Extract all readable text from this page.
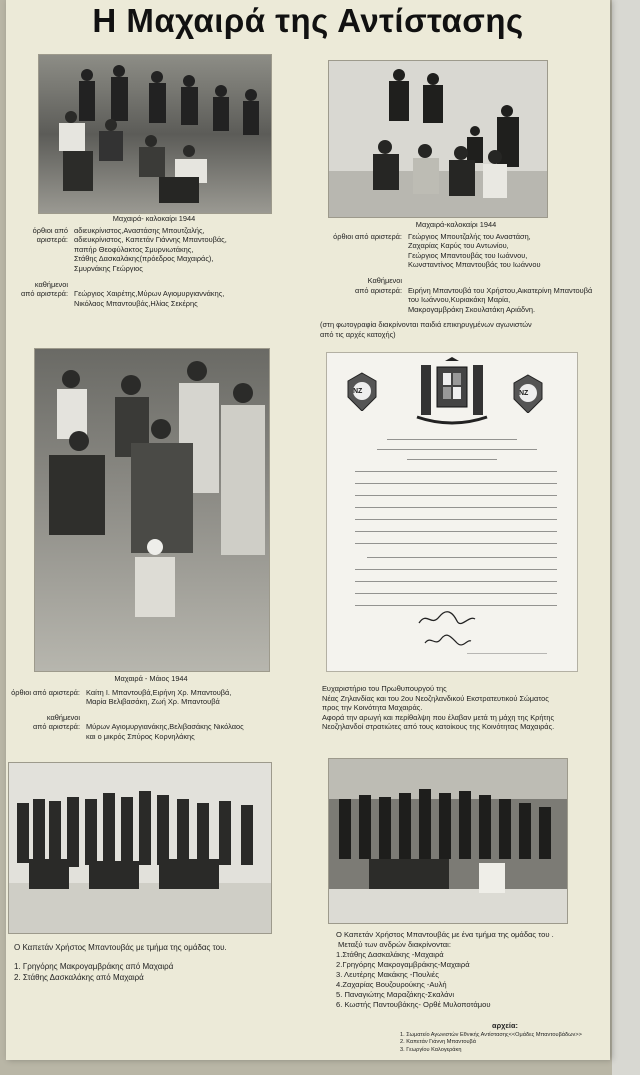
Η Μαχαιρά της Αντίστασης
Μαχαιρά- καλοκαίρι 1944
όρθιοι από αριστερά:
αδιευκρίνιστος,Αναστάσης Μπουτζαλής,
αδιευκρίνιστος, Καπετάν Γιάννης Μπαντουβάς,
παπήρ Θεοφύλακτος Σμυρνιωτάκης,
Στάθης Δασκαλάκης(πρόεδρος Μαχαιράς),
Σμυρνάκης Γεώργιος
καθήμενοι
από αριστερά: Γεώργιος Χαιρέτης,Μύρων Αγιομυργιαννάκης,
Νικόλαος Μπαντουβάς,Ηλίας Σεκέρης
Μαχαιρά-καλοκαίρι 1944
όρθιοι από αριστερά: Γεώργιος Μπουτζαλής του Αναστάση,
Ζαχαρίας Καρύς του Αντωνίου,
Γεώργιος Μπαντουβάς του Ιωάννου,
Κωνσταντίνος Μπαντουβάς του Ιωάννου
Καθήμενοι
από αριστερά: Ειρήνη Μπαντουβά του Χρήστου,Αικατερίνη Μπαντουβά
του Ιωάννου,Κυριακάκη Μαρία,
Μακρογαμβράκη Σκουλατάκη Αριάδνη.
(στη φωτογραφία διακρίνονται παιδιά επικηρυγμένων αγωνιστών
από τις αρχές κατοχής)
Μαχαιρά - Μάιος 1944
όρθιοι από αριστερά: Καίτη Ι. Μπαντουβά,Ειρήνη Χρ. Μπαντουβά,
Μαρία Βελιβασάκη, Ζωή Χρ. Μπαντουβά
καθήμενοι
από αριστερά: Μύρων Αγιομυργιανάκης,Βελιβασάκης Νικόλαος
και ο μικρός Σπύρος Κορνηλάκης
NZ	NZ
Ευχαριστήριο του Πρωθυπουργού της
Νέας Ζηλανδίας και του 2ου Νεοζηλανδικού Εκστρατευτικού Σώματος
προς την Κοινότητα Μαχαιράς.
Αφορά την αρωγή και περίθαλψη που έλαβαν μετά τη μάχη της Κρήτης
Νεοζηλανδοί στρατιώτες από τους κατοίκους της Κοινότητας Μαχαιράς.
Ο Καπετάν Χρήστος Μπαντουβάς με τμήμα της ομάδας του.
1. Γρηγόρης Μακρογαμβράκης από Μαχαιρά
2. Στάθης Δασκαλάκης από Μαχαιρά
Ο Καπετάν Χρήστος Μπαντουβάς με ένα τμήμα της ομάδας του .
Μεταξύ των ανδρών διακρίνονται:
1.Στάθης Δασκαλάκης -Μαχαιρά
2.Γρηγόρης Μακρογαμβράκης-Μαχαιρά
3. Λευτέρης Μακάκης -Πουλιές
4.Ζαχαρίας Βουζουρούκης -Αυλή
5. Παναγιώτης Μαραζάκης-Σκαλάνι
6. Κωστής Παντουβάκης- Ορθέ Μυλοποτάμου
αρχεία:
1. Σωματείο Αγωνιστών Εθνικής Αντίστασης<<Ομάδες Μπαντουβάδων>>
2. Καπετάν Γιάννη Μπαντουβά
3. Γεωργίου Καλογεράκη
